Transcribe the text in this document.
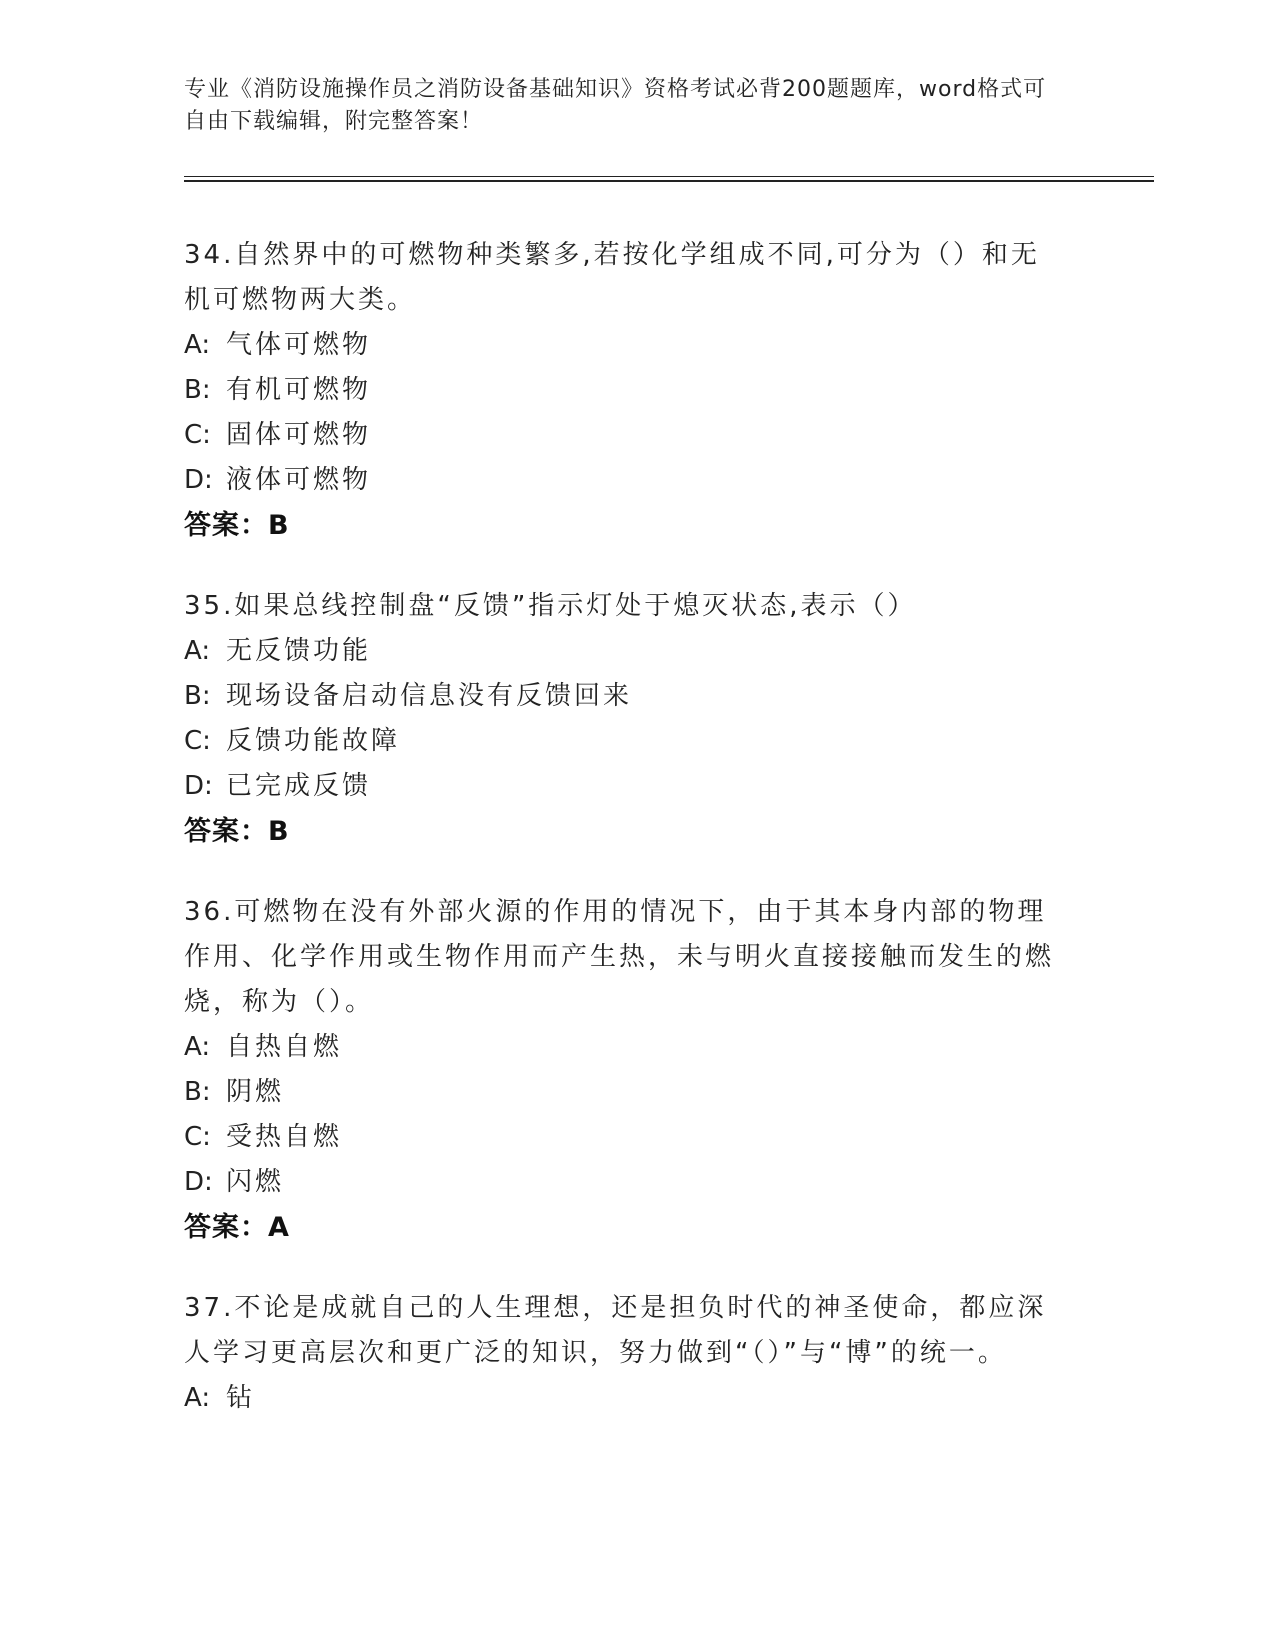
专业《消防设施操作员之消防设备基础知识》资格考试必背200题题库，word格式可自由下载编辑，附完整答案！
34.自然界中的可燃物种类繁多,若按化学组成不同,可分为（）和无机可燃物两大类。
A: 气体可燃物
B: 有机可燃物
C: 固体可燃物
D: 液体可燃物
答案：B
35.如果总线控制盘“反馈”指示灯处于熄灭状态,表示（）
A: 无反馈功能
B: 现场设备启动信息没有反馈回来
C: 反馈功能故障
D: 已完成反馈
答案：B
36.可燃物在没有外部火源的作用的情况下，由于其本身内部的物理作用、化学作用或生物作用而产生热，未与明火直接接触而发生的燃烧，称为（）。
A: 自热自燃
B: 阴燃
C: 受热自燃
D: 闪燃
答案：A
37.不论是成就自己的人生理想，还是担负时代的神圣使命，都应深人学习更高层次和更广泛的知识，努力做到“（）”与“博”的统一。
A: 钻
